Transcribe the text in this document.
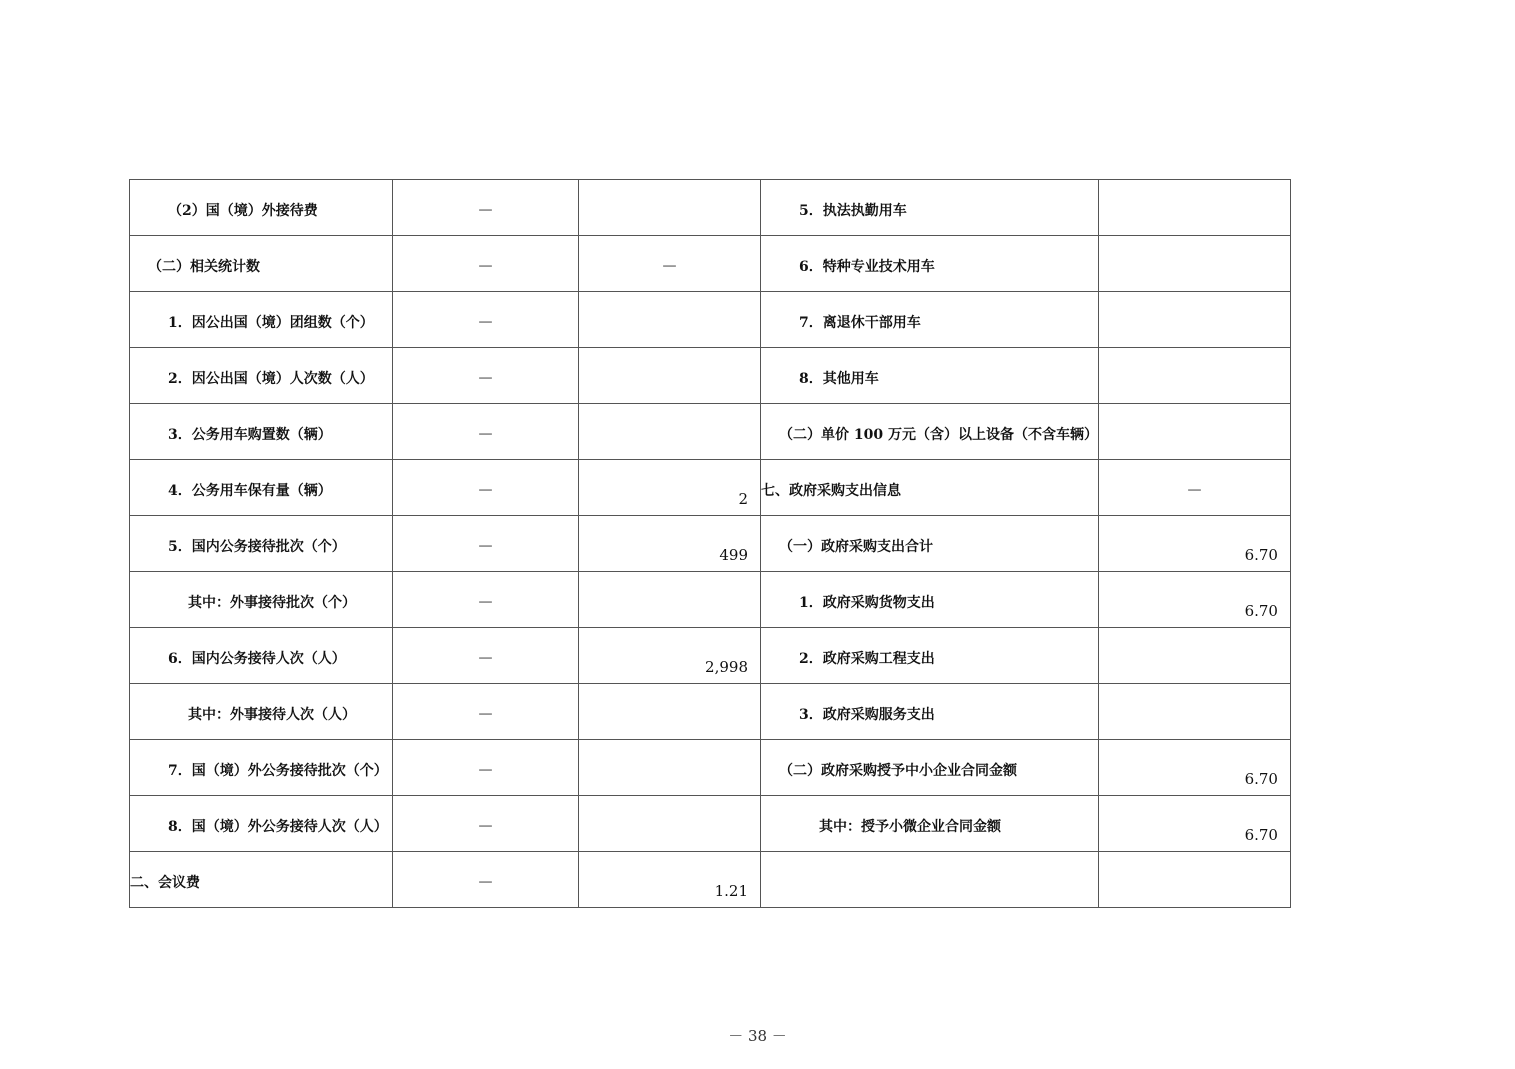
（2）国（境）外接待费	—		5．执法执勤用车	

（二）相关统计数	—	—	6．特种专业技术用车	

1．因公出国（境）团组数（个）	—		7．离退休干部用车	

2．因公出国（境）人次数（人）	—		8．其他用车	

3．公务用车购置数（辆）	—		（二）单价 100 万元（含）以上设备（不含车辆）	

4．公务用车保有量（辆）	—	2	七、政府采购支出信息	—

5．国内公务接待批次（个）	—	499	（一）政府采购支出合计	6.70

其中：外事接待批次（个）	—		1．政府采购货物支出	6.70

6．国内公务接待人次（人）	—	2,998	2．政府采购工程支出	

其中：外事接待人次（人）	—		3．政府采购服务支出	

7．国（境）外公务接待批次（个）	—		（二）政府采购授予中小企业合同金额	6.70

8．国（境）外公务接待人次（人）	—		其中：授予小微企业合同金额	6.70

二、会议费	—	1.21		

－ 38 －
